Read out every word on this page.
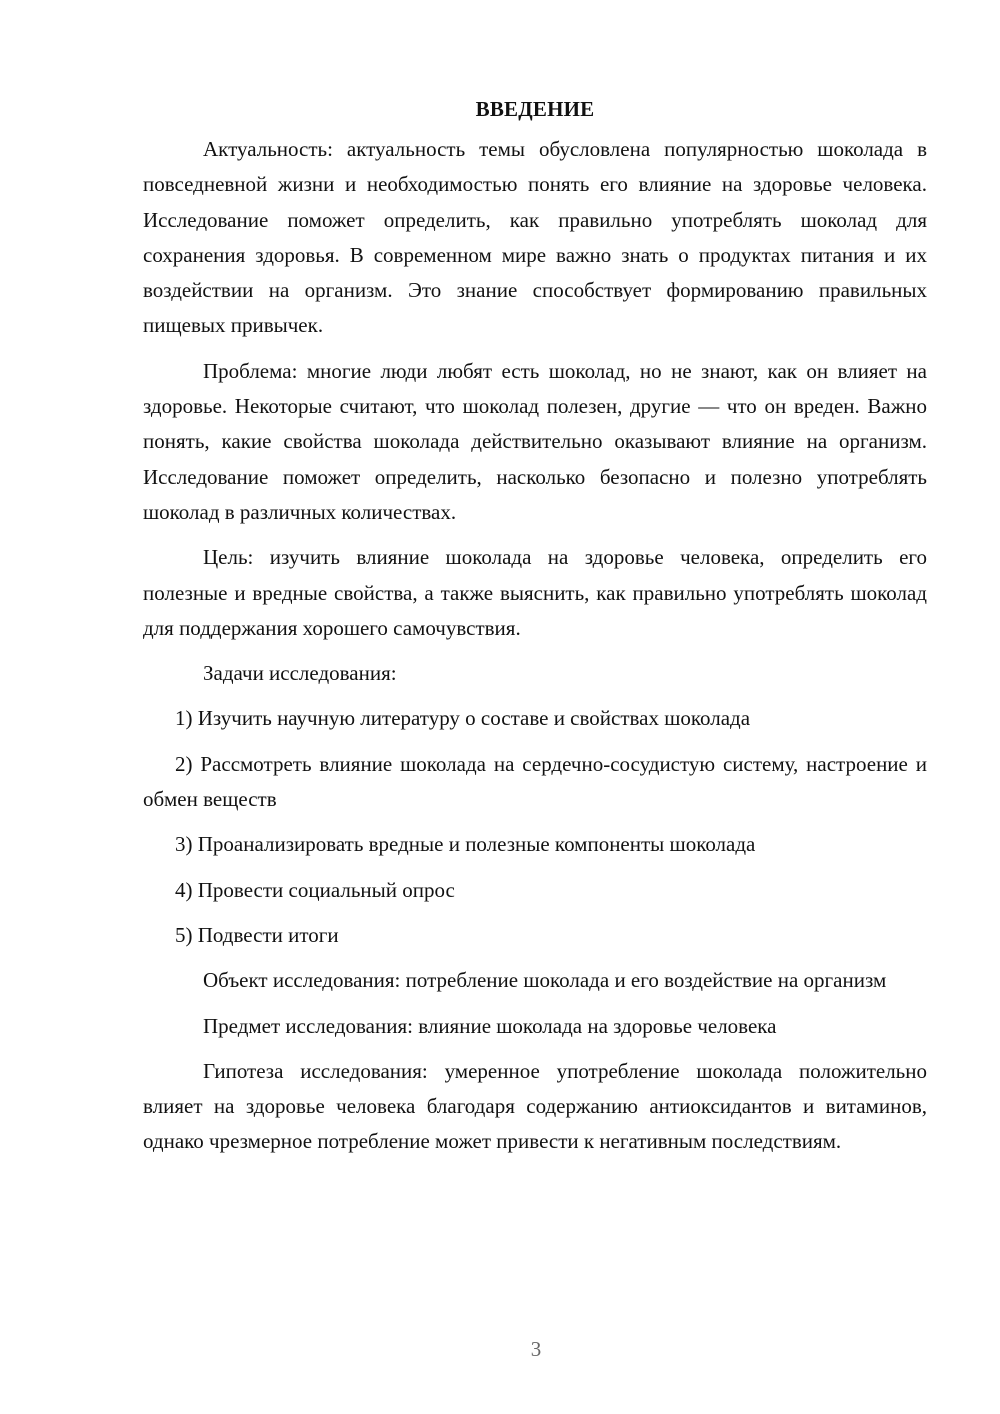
ВВЕДЕНИЕ

Актуальность: актуальность темы обусловлена популярностью шоколада в повседневной жизни и необходимостью понять его влияние на здоровье человека. Исследование поможет определить, как правильно употреблять шоколад для сохранения здоровья. В современном мире важно знать о продуктах питания и их воздействии на организм. Это знание способствует формированию правильных пищевых привычек.

Проблема: многие люди любят есть шоколад, но не знают, как он влияет на здоровье. Некоторые считают, что шоколад полезен, другие — что он вреден. Важно понять, какие свойства шоколада действительно оказывают влияние на организм. Исследование поможет определить, насколько безопасно и полезно употреблять шоколад в различных количествах.

Цель: изучить влияние шоколада на здоровье человека, определить его полезные и вредные свойства, а также выяснить, как правильно употреблять шоколад для поддержания хорошего самочувствия.

Задачи исследования:

1) Изучить научную литературу о составе и свойствах шоколада

2) Рассмотреть влияние шоколада на сердечно-сосудистую систему, настроение и обмен веществ

3) Проанализировать вредные и полезные компоненты шоколада

4) Провести социальный опрос

5) Подвести итоги

Объект исследования: потребление шоколада и его воздействие на организм

Предмет исследования: влияние шоколада на здоровье человека

Гипотеза исследования: умеренное употребление шоколада положительно влияет на здоровье человека благодаря содержанию антиоксидантов и витаминов, однако чрезмерное потребление может привести к негативным последствиям.

3
